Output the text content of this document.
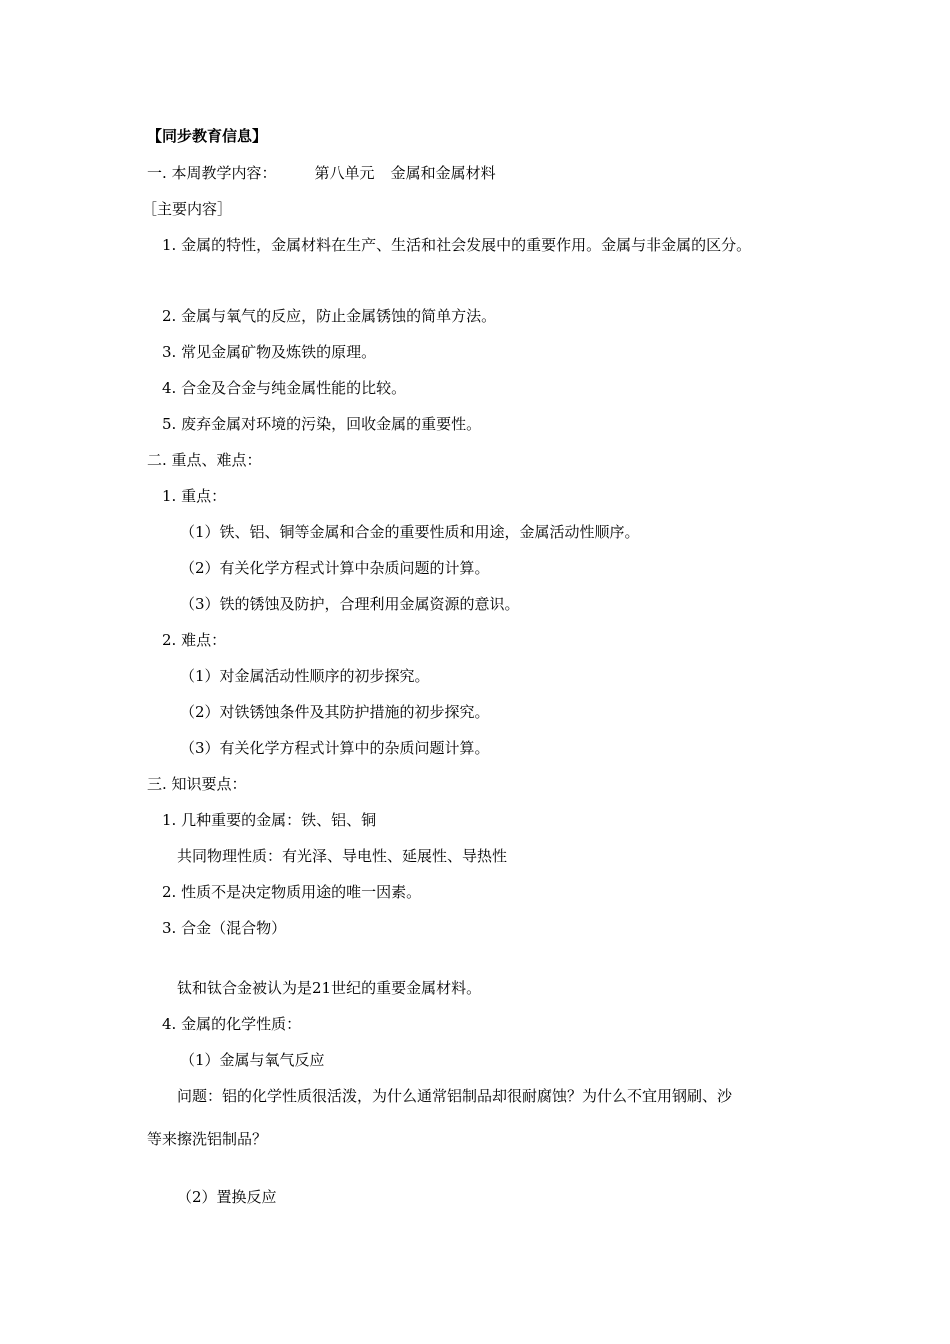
【同步教育信息】
一. 本周教学内容：	第八单元 金属和金属材料
［主要内容］
1. 金属的特性，金属材料在生产、生活和社会发展中的重要作用。金属与非金属的区分。
2. 金属与氧气的反应，防止金属锈蚀的简单方法。
3. 常见金属矿物及炼铁的原理。
4. 合金及合金与纯金属性能的比较。
5. 废弃金属对环境的污染，回收金属的重要性。
二. 重点、难点：
1. 重点：
（1）铁、铝、铜等金属和合金的重要性质和用途，金属活动性顺序。
（2）有关化学方程式计算中杂质问题的计算。
（3）铁的锈蚀及防护，合理利用金属资源的意识。
2. 难点：
（1）对金属活动性顺序的初步探究。
（2）对铁锈蚀条件及其防护措施的初步探究。
（3）有关化学方程式计算中的杂质问题计算。
三. 知识要点：
1. 几种重要的金属：铁、铝、铜
共同物理性质：有光泽、导电性、延展性、导热性
2. 性质不是决定物质用途的唯一因素。
3. 合金（混合物）
钛和钛合金被认为是21世纪的重要金属材料。
4. 金属的化学性质：
（1）金属与氧气反应
问题：铝的化学性质很活泼，为什么通常铝制品却很耐腐蚀？为什么不宜用钢刷、沙
等来擦洗铝制品？
（2）置换反应
